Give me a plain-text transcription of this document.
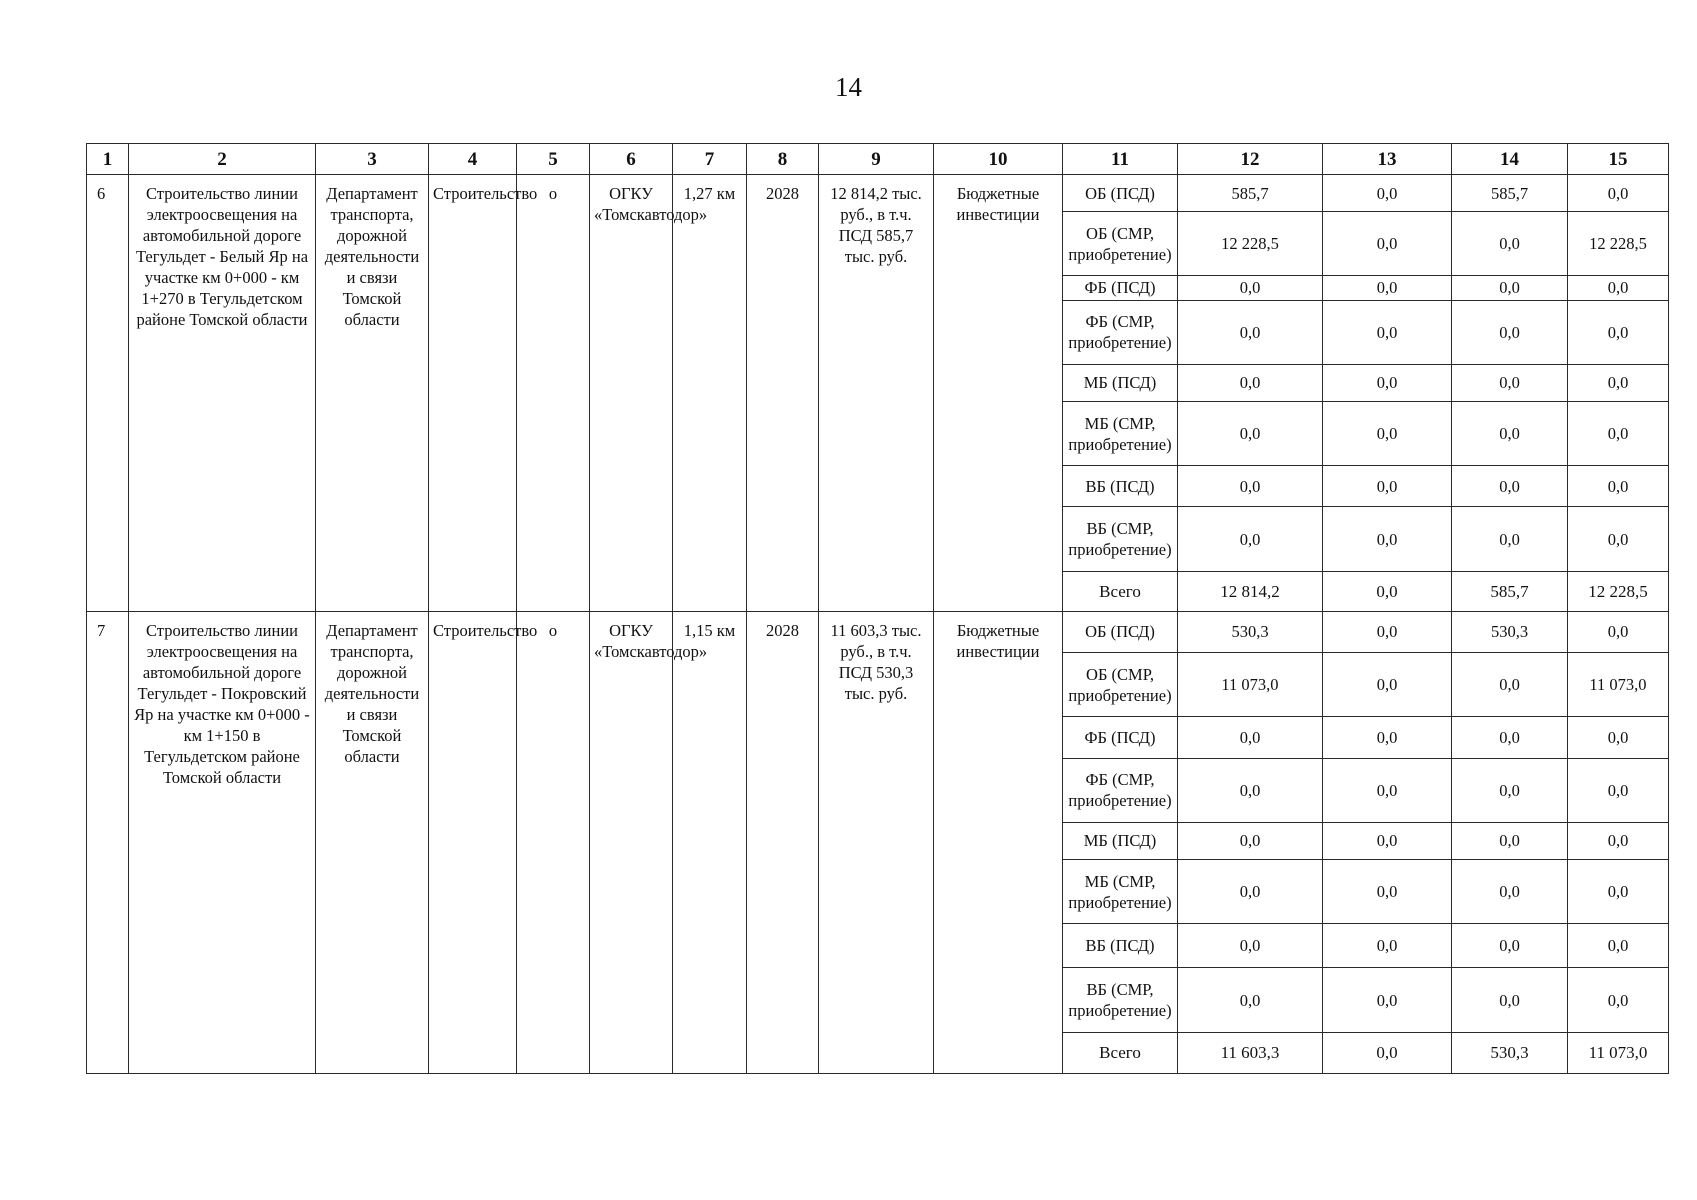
14
1	2	3	4	5	6	7	8	9	10	11	12	13	14	15
6	Строительство линии электроосвещения на автомобильной дороге Тегульдет - Белый Яр на участке км 0+000 - км 1+270 в Тегульдетском районе Томской области	Департамент транспорта, дорожной деятельности и связи Томской области	Строительство	о	ОГКУ «Томскавтодор»	1,27 км	2028	12 814,2 тыс. руб., в т.ч. ПСД 585,7 тыс. руб.	Бюджетные инвестиции	ОБ (ПСД)	585,7	0,0	585,7	0,0
										ОБ (СМР, приобретение)	12 228,5	0,0	0,0	12 228,5
										ФБ (ПСД)	0,0	0,0	0,0	0,0
										ФБ (СМР, приобретение)	0,0	0,0	0,0	0,0
										МБ (ПСД)	0,0	0,0	0,0	0,0
										МБ (СМР, приобретение)	0,0	0,0	0,0	0,0
										ВБ (ПСД)	0,0	0,0	0,0	0,0
										ВБ (СМР, приобретение)	0,0	0,0	0,0	0,0
										Всего	12 814,2	0,0	585,7	12 228,5
7	Строительство линии электроосвещения на автомобильной дороге Тегульдет - Покровский Яр на участке км 0+000 - км 1+150 в Тегульдетском районе Томской области	Департамент транспорта, дорожной деятельности и связи Томской области	Строительство	о	ОГКУ «Томскавтодор»	1,15 км	2028	11 603,3 тыс. руб., в т.ч. ПСД 530,3 тыс. руб.	Бюджетные инвестиции	ОБ (ПСД)	530,3	0,0	530,3	0,0
										ОБ (СМР, приобретение)	11 073,0	0,0	0,0	11 073,0
										ФБ (ПСД)	0,0	0,0	0,0	0,0
										ФБ (СМР, приобретение)	0,0	0,0	0,0	0,0
										МБ (ПСД)	0,0	0,0	0,0	0,0
										МБ (СМР, приобретение)	0,0	0,0	0,0	0,0
										ВБ (ПСД)	0,0	0,0	0,0	0,0
										ВБ (СМР, приобретение)	0,0	0,0	0,0	0,0
										Всего	11 603,3	0,0	530,3	11 073,0
